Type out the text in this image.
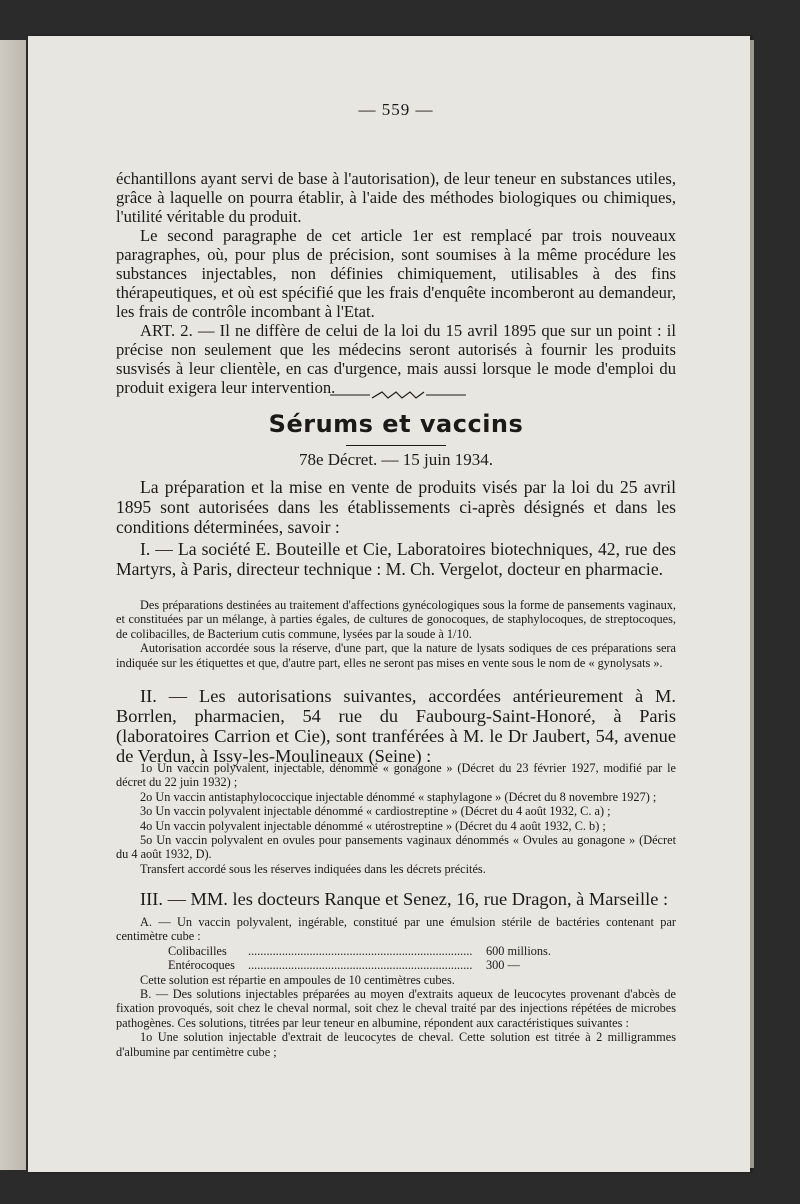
— 559 —

échantillons ayant servi de base à l'autorisation), de leur teneur en substances utiles, grâce à laquelle on pourra établir, à l'aide des méthodes biologiques ou chimiques, l'utilité véritable du produit.

Le second paragraphe de cet article 1er est remplacé par trois nouveaux paragraphes, où, pour plus de précision, sont soumises à la même procédure les substances injectables, non définies chimiquement, utilisables à des fins thérapeutiques, et où est spécifié que les frais d'enquête incomberont au demandeur, les frais de contrôle incombant à l'Etat.

ART. 2. — Il ne diffère de celui de la loi du 15 avril 1895 que sur un point : il précise non seulement que les médecins seront autorisés à fournir les produits susvisés à leur clientèle, en cas d'urgence, mais aussi lorsque le mode d'emploi du produit exigera leur intervention.

Sérums et vaccins
78e Décret. — 15 juin 1934.

La préparation et la mise en vente de produits visés par la loi du 25 avril 1895 sont autorisées dans les établissements ci-après désignés et dans les conditions déterminées, savoir :

I. — La société E. Bouteille et Cie, Laboratoires biotechniques, 42, rue des Martyrs, à Paris, directeur technique : M. Ch. Vergelot, docteur en pharmacie.

Des préparations destinées au traitement d'affections gynécologiques sous la forme de pansements vaginaux, et constituées par un mélange, à parties égales, de cultures de gonocoques, de staphylocoques, de streptocoques, de colibacilles, de Bacterium cutis commune, lysées par la soude à 1/10.

Autorisation accordée sous la réserve, d'une part, que la nature de lysats sodiques de ces préparations sera indiquée sur les étiquettes et que, d'autre part, elles ne seront pas mises en vente sous le nom de « gynolysats ».

II. — Les autorisations suivantes, accordées antérieurement à M. Borrlen, pharmacien, 54 rue du Faubourg-Saint-Honoré, à Paris (laboratoires Carrion et Cie), sont tranférées à M. le Dr Jaubert, 54, avenue de Verdun, à Issy-les-Moulineaux (Seine) :

1o Un vaccin polyvalent, injectable, dénommé « gonagone » (Décret du 23 février 1927, modifié par le décret du 22 juin 1932) ;

2o Un vaccin antistaphylococcique injectable dénommé « staphylagone » (Décret du 8 novembre 1927) ;

3o Un vaccin polyvalent injectable dénommé « cardiostreptine » (Décret du 4 août 1932, C. a) ;

4o Un vaccin polyvalent injectable dénommé « utérostreptine » (Décret du 4 août 1932, C. b) ;

5o Un vaccin polyvalent en ovules pour pansements vaginaux dénommés « Ovules au gonagone » (Décret du 4 août 1932, D).

Transfert accordé sous les réserves indiquées dans les décrets précités.

III. — MM. les docteurs Ranque et Senez, 16, rue Dragon, à Marseille :

A. — Un vaccin polyvalent, ingérable, constitué par une émulsion stérile de bactéries contenant par centimètre cube :

Colibacilles	.........................................................................	600 millions.
Entérocoques	.........................................................................	300 —

Cette solution est répartie en ampoules de 10 centimètres cubes.

B. — Des solutions injectables préparées au moyen d'extraits aqueux de leucocytes provenant d'abcès de fixation provoqués, soit chez le cheval normal, soit chez le cheval traité par des injections répétées de microbes pathogènes. Ces solutions, titrées par leur teneur en albumine, répondent aux caractéristiques suivantes :

1o Une solution injectable d'extrait de leucocytes de cheval. Cette solution est titrée à 2 milligrammes d'albumine par centimètre cube ;
